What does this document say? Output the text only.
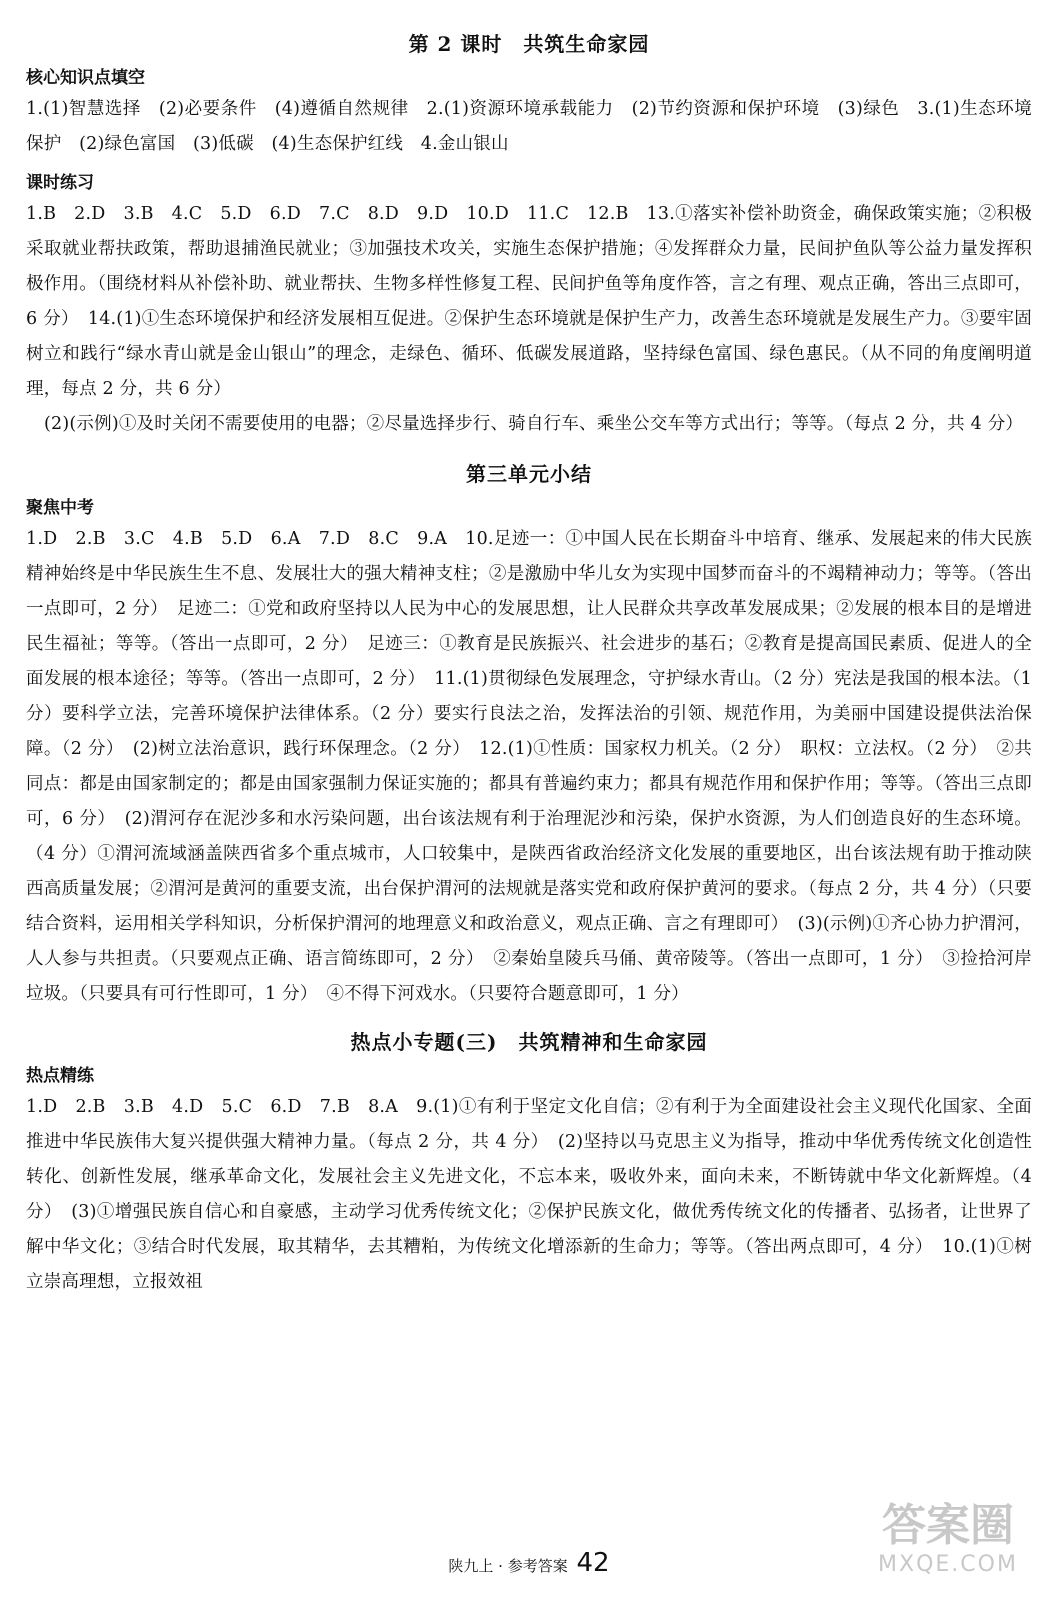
第 2 课时　共筑生命家园
核心知识点填空

1.(1)智慧选择　(2)必要条件　(4)遵循自然规律　2.(1)资源环境承载能力　(2)节约资源和保护环境　(3)绿色　3.(1)生态环境保护　(2)绿色富国　(3)低碳　(4)生态保护红线　4.金山银山

课时练习

1.B　2.D　3.B　4.C　5.D　6.D　7.C　8.D　9.D　10.D　11.C　12.B　13.①落实补偿补助资金，确保政策实施；②积极采取就业帮扶政策，帮助退捕渔民就业；③加强技术攻关，实施生态保护措施；④发挥群众力量，民间护鱼队等公益力量发挥积极作用。（围绕材料从补偿补助、就业帮扶、生物多样性修复工程、民间护鱼等角度作答，言之有理、观点正确，答出三点即可，6 分）　14.(1)①生态环境保护和经济发展相互促进。②保护生态环境就是保护生产力，改善生态环境就是发展生产力。③要牢固树立和践行“绿水青山就是金山银山”的理念，走绿色、循环、低碳发展道路，坚持绿色富国、绿色惠民。（从不同的角度阐明道理，每点 2 分，共 6 分）

(2)(示例)①及时关闭不需要使用的电器；②尽量选择步行、骑自行车、乘坐公交车等方式出行；等等。（每点 2 分，共 4 分）

第三单元小结
聚焦中考

1.D　2.B　3.C　4.B　5.D　6.A　7.D　8.C　9.A　10.足迹一：①中国人民在长期奋斗中培育、继承、发展起来的伟大民族精神始终是中华民族生生不息、发展壮大的强大精神支柱；②是激励中华儿女为实现中国梦而奋斗的不竭精神动力；等等。（答出一点即可，2 分）　足迹二：①党和政府坚持以人民为中心的发展思想，让人民群众共享改革发展成果；②发展的根本目的是增进民生福祉；等等。（答出一点即可，2 分）　足迹三：①教育是民族振兴、社会进步的基石；②教育是提高国民素质、促进人的全面发展的根本途径；等等。（答出一点即可，2 分）　11.(1)贯彻绿色发展理念，守护绿水青山。（2 分）宪法是我国的根本法。（1 分）要科学立法，完善环境保护法律体系。（2 分）要实行良法之治，发挥法治的引领、规范作用，为美丽中国建设提供法治保障。（2 分）　(2)树立法治意识，践行环保理念。（2 分）　12.(1)①性质：国家权力机关。（2 分）　职权：立法权。（2 分）　②共同点：都是由国家制定的；都是由国家强制力保证实施的；都具有普遍约束力；都具有规范作用和保护作用；等等。（答出三点即可，6 分）　(2)渭河存在泥沙多和水污染问题，出台该法规有利于治理泥沙和污染，保护水资源，为人们创造良好的生态环境。（4 分）①渭河流域涵盖陕西省多个重点城市，人口较集中，是陕西省政治经济文化发展的重要地区，出台该法规有助于推动陕西高质量发展；②渭河是黄河的重要支流，出台保护渭河的法规就是落实党和政府保护黄河的要求。（每点 2 分，共 4 分）（只要结合资料，运用相关学科知识，分析保护渭河的地理意义和政治意义，观点正确、言之有理即可）　(3)(示例)①齐心协力护渭河，人人参与共担责。（只要观点正确、语言简练即可，2 分）　②秦始皇陵兵马俑、黄帝陵等。（答出一点即可，1 分）　③捡拾河岸垃圾。（只要具有可行性即可，1 分）　④不得下河戏水。（只要符合题意即可，1 分）

热点小专题(三)　共筑精神和生命家园
热点精练

1.D　2.B　3.B　4.D　5.C　6.D　7.B　8.A　9.(1)①有利于坚定文化自信；②有利于为全面建设社会主义现代化国家、全面推进中华民族伟大复兴提供强大精神力量。（每点 2 分，共 4 分）　(2)坚持以马克思主义为指导，推动中华优秀传统文化创造性转化、创新性发展，继承革命文化，发展社会主义先进文化，不忘本来，吸收外来，面向未来，不断铸就中华文化新辉煌。（4 分）　(3)①增强民族自信心和自豪感，主动学习优秀传统文化；②保护民族文化，做优秀传统文化的传播者、弘扬者，让世界了解中华文化；③结合时代发展，取其精华，去其糟粕，为传统文化增添新的生命力；等等。（答出两点即可，4 分）　10.(1)①树立崇高理想，立报效祖

陕九上 · 参考答案 42
答案圈
MXQE.COM
